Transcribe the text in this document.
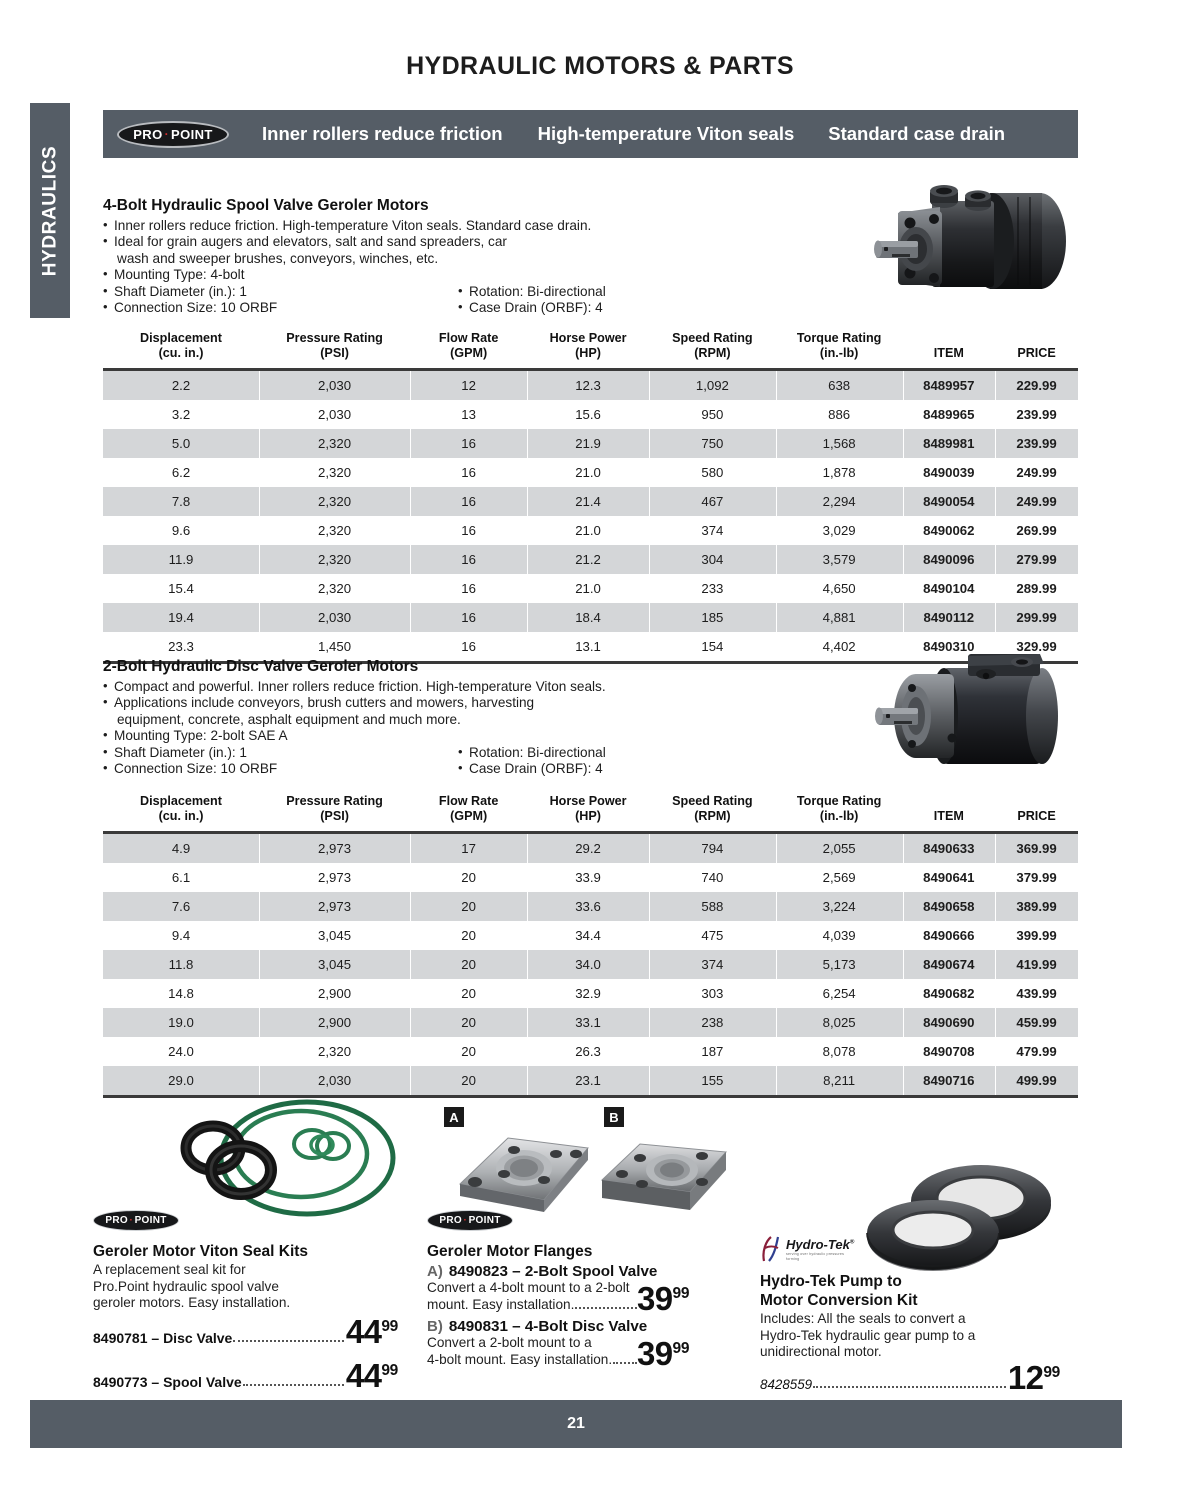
HYDRAULIC MOTORS & PARTS
HYDRAULICS
PRO · POINT	Inner rollers reduce friction High-temperature Viton seals Standard case drain
4-Bolt Hydraulic Spool Valve Geroler Motors
• Inner rollers reduce friction. High-temperature Viton seals. Standard case drain.
• Ideal for grain augers and elevators, salt and sand spreaders, car
wash and sweeper brushes, conveyors, winches, etc.
• Mounting Type: 4-bolt
• Shaft Diameter (in.): 1
• Connection Size: 10 ORBF
• Rotation: Bi-directional
• Case Drain (ORBF): 4
Displacement
(cu. in.)	Pressure Rating
(PSI)	Flow Rate
(GPM)	Horse Power
(HP)	Speed Rating
(RPM)	Torque Rating
(in.-lb)	ITEM	PRICE
2.2	2,030	12	12.3	1,092	638	8489957	229.99
3.2	2,030	13	15.6	950	886	8489965	239.99
5.0	2,320	16	21.9	750	1,568	8489981	239.99
6.2	2,320	16	21.0	580	1,878	8490039	249.99
7.8	2,320	16	21.4	467	2,294	8490054	249.99
9.6	2,320	16	21.0	374	3,029	8490062	269.99
11.9	2,320	16	21.2	304	3,579	8490096	279.99
15.4	2,320	16	21.0	233	4,650	8490104	289.99
19.4	2,030	16	18.4	185	4,881	8490112	299.99
23.3	1,450	16	13.1	154	4,402	8490310	329.99
2-Bolt Hydraulic Disc Valve Geroler Motors
• Compact and powerful. Inner rollers reduce friction. High-temperature Viton seals.
• Applications include conveyors, brush cutters and mowers, harvesting
equipment, concrete, asphalt equipment and much more.
• Mounting Type: 2-bolt SAE A
• Shaft Diameter (in.): 1
• Connection Size: 10 ORBF
• Rotation: Bi-directional
• Case Drain (ORBF): 4
Displacement
(cu. in.)	Pressure Rating
(PSI)	Flow Rate
(GPM)	Horse Power
(HP)	Speed Rating
(RPM)	Torque Rating
(in.-lb)	ITEM	PRICE
4.9	2,973	17	29.2	794	2,055	8490633	369.99
6.1	2,973	20	33.9	740	2,569	8490641	379.99
7.6	2,973	20	33.6	588	3,224	8490658	389.99
9.4	3,045	20	34.4	475	4,039	8490666	399.99
11.8	3,045	20	34.0	374	5,173	8490674	419.99
14.8	2,900	20	32.9	303	6,254	8490682	439.99
19.0	2,900	20	33.1	238	8,025	8490690	459.99
24.0	2,320	20	26.3	187	8,078	8490708	479.99
29.0	2,030	20	23.1	155	8,211	8490716	499.99
PRO · POINT
Geroler Motor Viton Seal Kits
A replacement seal kit for
Pro.Point hydraulic spool valve
geroler motors. Easy installation.
8490781 – Disc Valve	$44^{99}$
8490773 – Spool Valve	$44^{99}$
A	B
PRO · POINT
Geroler Motor Flanges
A) 8490823 – 2-Bolt Spool Valve
Convert a 4-bolt mount to a 2-bolt
mount. Easy installation. $39^{99}$
B) 8490831 – 4-Bolt Disc Valve
Convert a 2-bolt mount to a
4-bolt mount. Easy installation. $39^{99}$
Hydro-Tek®
serving over hydraulic pressures
forming
Hydro-Tek Pump to
Motor Conversion Kit
Includes: All the seals to convert a
Hydro-Tek hydraulic gear pump to a
unidirectional motor.
8428559	$12^{99}$
21
